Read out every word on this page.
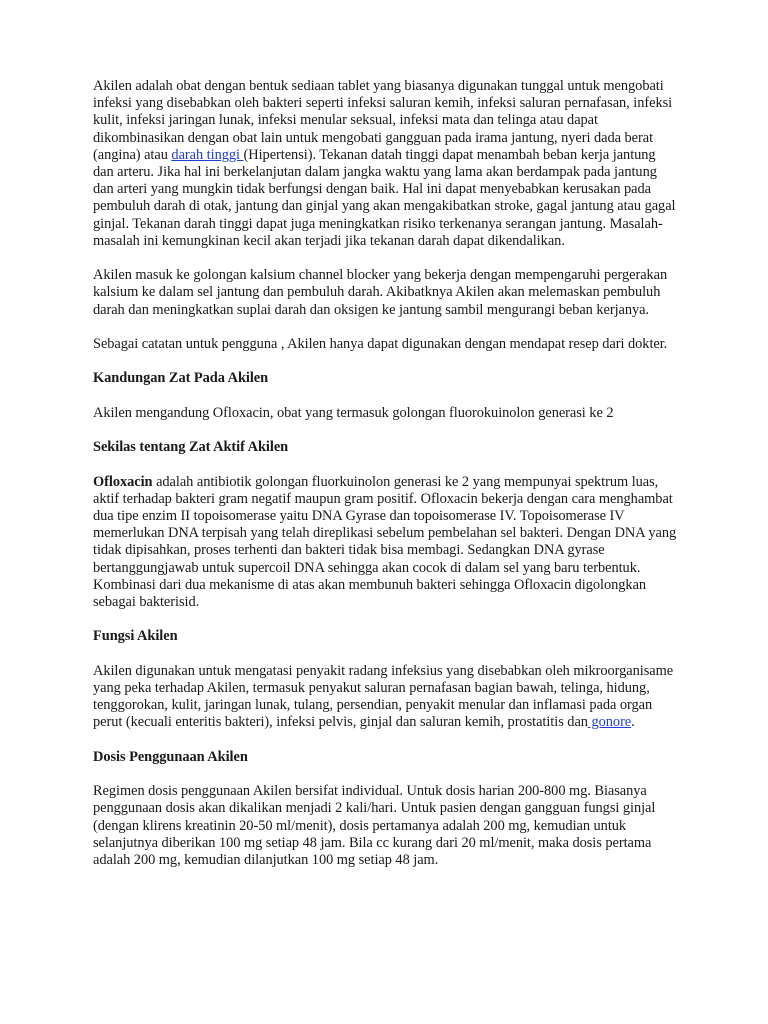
Akilen adalah obat dengan bentuk sediaan tablet yang biasanya digunakan tunggal untuk mengobati infeksi yang disebabkan oleh bakteri seperti infeksi saluran kemih, infeksi saluran pernafasan, infeksi kulit, infeksi jaringan lunak, infeksi menular seksual, infeksi mata dan telinga atau dapat dikombinasikan dengan obat lain untuk mengobati gangguan pada irama jantung, nyeri dada berat (angina) atau darah tinggi (Hipertensi). Tekanan datah tinggi dapat menambah beban kerja jantung dan arteru. Jika hal ini berkelanjutan dalam jangka waktu yang lama akan berdampak pada jantung dan arteri yang mungkin tidak berfungsi dengan baik. Hal ini dapat menyebabkan kerusakan pada pembuluh darah di otak, jantung dan ginjal yang akan mengakibatkan stroke, gagal jantung atau gagal ginjal. Tekanan darah tinggi dapat juga meningkatkan risiko terkenanya serangan jantung. Masalah-masalah ini kemungkinan kecil akan terjadi jika tekanan darah dapat dikendalikan.

Akilen masuk ke golongan kalsium channel blocker yang bekerja dengan mempengaruhi pergerakan kalsium ke dalam sel jantung dan pembuluh darah. Akibatknya Akilen akan melemaskan pembuluh darah dan meningkatkan suplai darah dan oksigen ke jantung sambil mengurangi beban kerjanya.

Sebagai catatan untuk pengguna , Akilen hanya dapat digunakan dengan mendapat resep dari dokter.

Kandungan Zat Pada Akilen

Akilen mengandung Ofloxacin, obat yang termasuk golongan fluorokuinolon generasi ke 2

Sekilas tentang Zat Aktif Akilen

Ofloxacin adalah antibiotik golongan fluorkuinolon generasi ke 2 yang mempunyai spektrum luas, aktif terhadap bakteri gram negatif maupun gram positif. Ofloxacin bekerja dengan cara menghambat dua tipe enzim II topoisomerase yaitu DNA Gyrase dan topoisomerase IV. Topoisomerase IV memerlukan DNA terpisah yang telah direplikasi sebelum pembelahan sel bakteri. Dengan DNA yang tidak dipisahkan, proses terhenti dan bakteri tidak bisa membagi. Sedangkan DNA gyrase bertanggungjawab untuk supercoil DNA sehingga akan cocok di dalam sel yang baru terbentuk. Kombinasi dari dua mekanisme di atas akan membunuh bakteri sehingga Ofloxacin digolongkan sebagai bakterisid.

Fungsi Akilen

Akilen digunakan untuk mengatasi penyakit radang infeksius yang disebabkan oleh mikroorganisame yang peka terhadap Akilen, termasuk penyakut saluran pernafasan bagian bawah, telinga, hidung, tenggorokan, kulit, jaringan lunak, tulang, persendian, penyakit menular dan inflamasi pada organ perut (kecuali enteritis bakteri), infeksi pelvis, ginjal dan saluran kemih, prostatitis dan gonore.

Dosis Penggunaan Akilen

Regimen dosis penggunaan Akilen bersifat individual. Untuk dosis harian 200-800 mg. Biasanya penggunaan dosis akan dikalikan menjadi 2 kali/hari. Untuk pasien dengan gangguan fungsi ginjal (dengan klirens kreatinin 20-50 ml/menit), dosis pertamanya adalah 200 mg, kemudian untuk selanjutnya diberikan 100 mg setiap 48 jam. Bila cc kurang dari 20 ml/menit, maka dosis pertama adalah 200 mg, kemudian dilanjutkan 100 mg setiap 48 jam.
